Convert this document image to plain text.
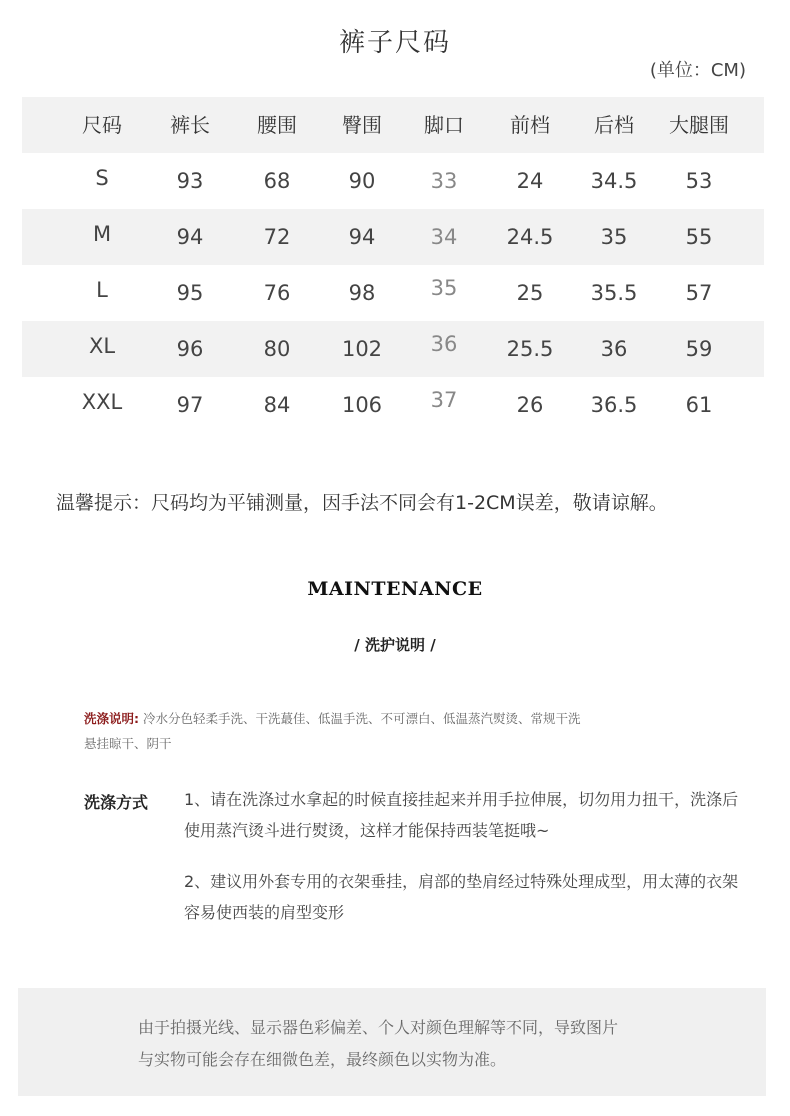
裤子尺码
(单位：CM)
尺码	裤长	腰围	臀围	脚口	前档	后档	大腿围
S	93	68	90	33	24	34.5	53
M	94	72	94	34	24.5	35	55
L	95	76	98	35	25	35.5	57
XL	96	80	102	36	25.5	36	59
XXL	97	84	106	37	26	36.5	61
温馨提示：尺码均为平铺测量，因手法不同会有1-2CM误差，敬请谅解。
MAINTENANCE
/ 洗护说明 /
洗涤说明: 冷水分色轻柔手洗、干洗蕞佳、低温手洗、不可漂白、低温蒸汽熨烫、常规干洗
悬挂晾干、阴干
洗涤方式 1、请在洗涤过水拿起的时候直接挂起来并用手拉伸展，切勿用力扭干，洗涤后使用蒸汽烫斗进行熨烫，这样才能保持西装笔挺哦~
2、建议用外套专用的衣架垂挂，肩部的垫肩经过特殊处理成型，用太薄的衣架容易使西装的肩型变形
由于拍摄光线、显示器色彩偏差、个人对颜色理解等不同，导致图片
与实物可能会存在细微色差，最终颜色以实物为准。
